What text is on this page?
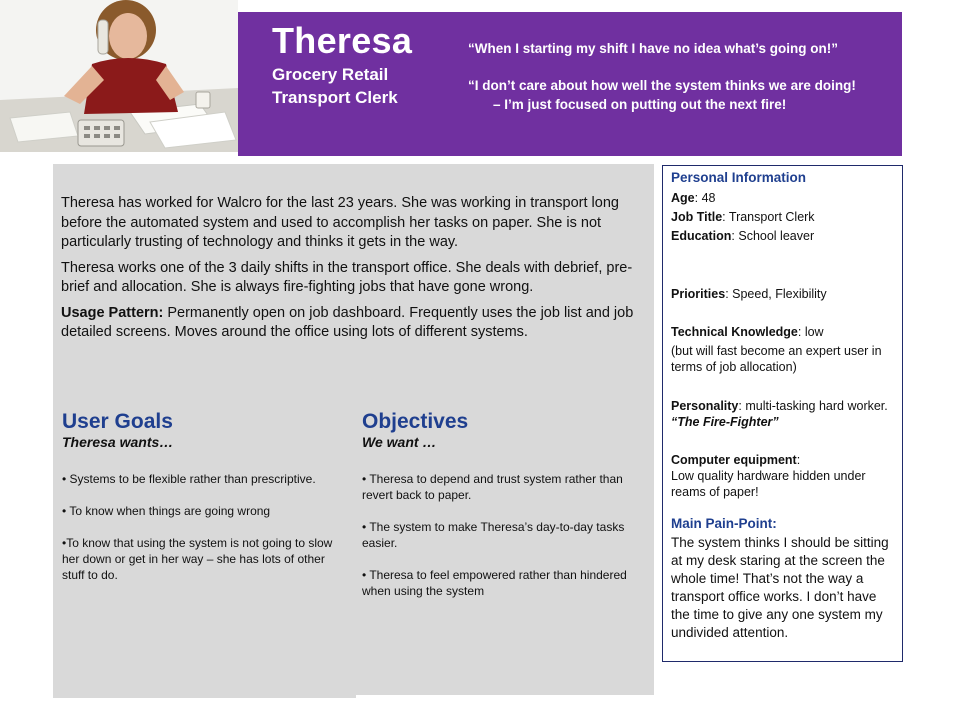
Theresa
Grocery Retail
Transport Clerk
“When I starting my shift I have no idea what’s going on!”
“I don’t care about how well the system thinks we are doing!
– I’m just focused on putting out the next fire!

Theresa has worked for Walcro for the last 23 years. She was working in transport long before the automated system and used to accomplish her tasks on paper. She is not particularly trusting of technology and thinks it gets in the way.

Theresa works one of the 3 daily shifts in the transport office. She deals with debrief, pre-brief and allocation. She is always fire-fighting jobs that have gone wrong.

Usage Pattern: Permanently open on job dashboard. Frequently uses the job list and job detailed screens. Moves around the office using lots of different systems.

User Goals
Theresa wants…
• Systems to be flexible rather than prescriptive.
• To know when things are going wrong
•To know that using the system is not going to slow her down or get in her way – she has lots of other stuff to do.
Objectives
We want …
• Theresa to depend and trust system rather than revert back to paper.
• The system to make Theresa’s day-to-day tasks easier.
• Theresa to feel empowered rather than hindered when using the system
Personal Information
Age: 48
Job Title: Transport Clerk
Education: School leaver
Priorities: Speed, Flexibility
Technical Knowledge: low
(but will fast become an expert user in terms of job allocation)
Personality: multi-tasking hard worker. “The Fire-Fighter”
Computer equipment:
Low quality hardware hidden under reams of paper!
Main Pain-Point:
The system thinks I should be sitting at my desk staring at the screen the whole time! That’s not the way a transport office works. I don’t have the time to give any one system my undivided attention.
